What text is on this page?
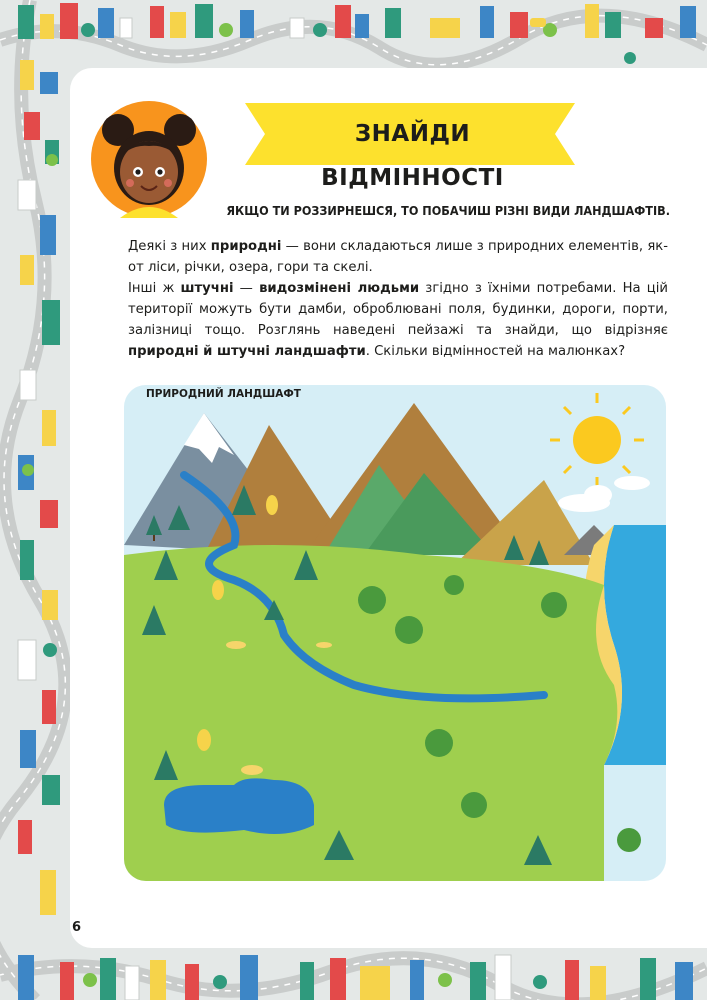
ЗНАЙДИ ВІДМІННОСТІ
ЯКЩО ТИ РОЗЗИРНЕШСЯ, ТО ПОБАЧИШ РІЗНІ ВИДИ ЛАНДШАФТІВ.
Деякі з них природні — вони складаються лише з природних елементів, як-от ліси, річки, озера, гори та скелі.
Інші ж штучні — видозмінені людьми згідно з їхніми потребами. На цій території можуть бути дамби, оброблювані поля, будинки, дороги, порти, залізниці тощо. Розглянь наведені пейзажі та знайди, що відрізняє природні й штучні ландшафти. Скільки відмінностей на малюнках?
ПРИРОДНИЙ ЛАНДШАФТ
6
